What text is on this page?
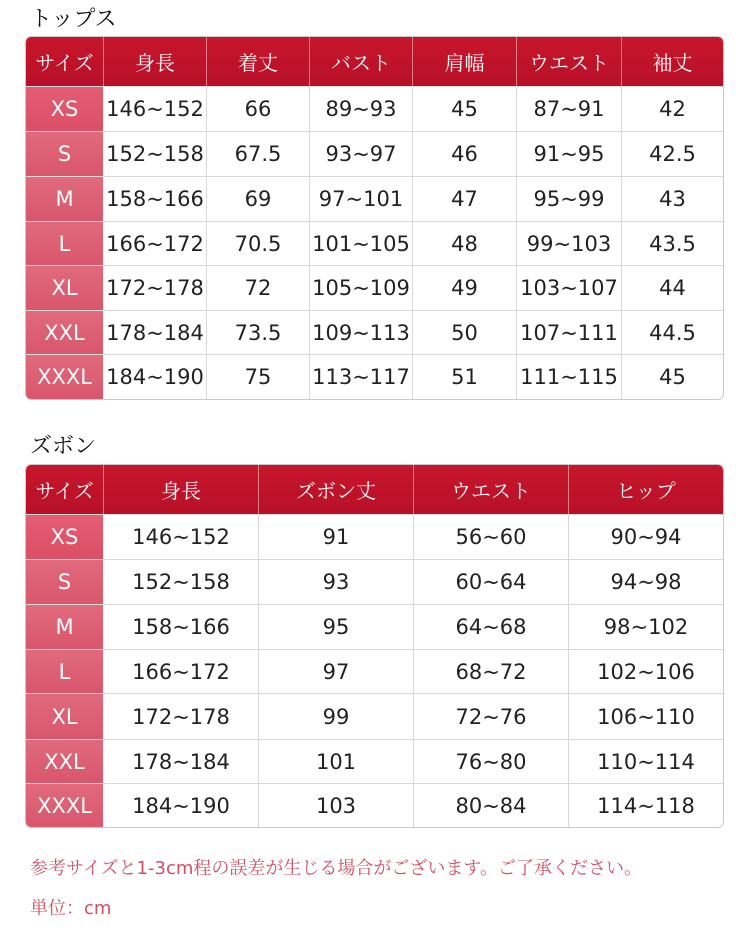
トップス
サイズ	身長	着丈	バスト	肩幅	ウエスト	袖丈
XS	146~152	66	89~93	45	87~91	42
S	152~158	67.5	93~97	46	91~95	42.5
M	158~166	69	97~101	47	95~99	43
L	166~172	70.5	101~105	48	99~103	43.5
XL	172~178	72	105~109	49	103~107	44
XXL	178~184	73.5	109~113	50	107~111	44.5
XXXL 184~190	75	113~117	51	111~115	45
ズボン
サイズ	身長	ズボン丈	ウエスト	ヒップ
XS	146~152	91	56~60	90~94
S	152~158	93	60~64	94~98
M	158~166	95	64~68	98~102
L	166~172	97	68~72	102~106
XL	172~178	99	72~76	106~110
XXL	178~184	101	76~80	110~114
XXXL	184~190	103	80~84	114~118
参考サイズと1-3cm程の誤差が生じる場合がございます。ご了承ください。
単位：cm
